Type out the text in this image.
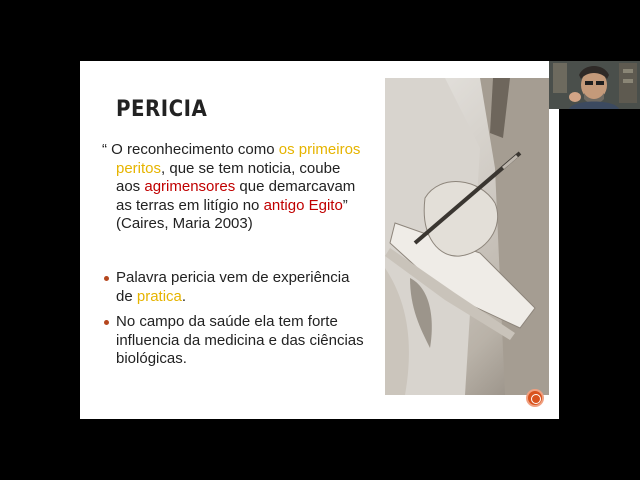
PERICIA
“ O reconhecimento como os primeiros
peritos, que se tem noticia, coube
aos agrimensores que demarcavam
as terras em litígio no antigo Egito”
(Caires, Maria 2003)
Palavra pericia vem de experiência
de pratica.
No campo da saúde ela tem forte
influencia da medicina e das ciências
biológicas.
